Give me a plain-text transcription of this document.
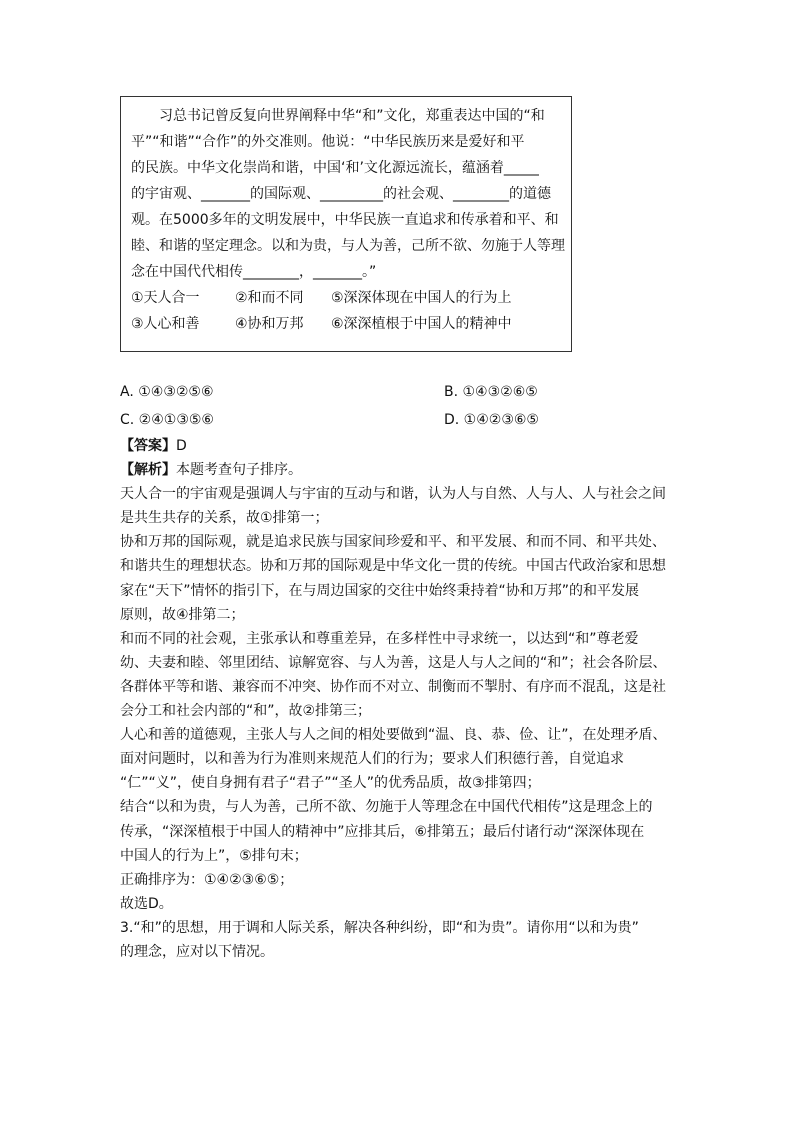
习总书记曾反复向世界阐释中华“和”文化，郑重表达中国的“和
平”“和谐”“合作”的外交准则。他说：“中华民族历来是爱好和平
的民族。中华文化崇尚和谐，中国‘和’文化源远流长，蕴涵着_____
的宇宙观、_______的国际观、_________的社会观、________的道德
观。在5000多年的文明发展中，中华民族一直追求和传承着和平、和
睦、和谐的坚定理念。以和为贵，与人为善，己所不欲、勿施于人等理
念在中国代代相传________，_______。”
①天人合一	②和而不同 ⑤深深体现在中国人的行为上
③人心和善	④协和万邦 ⑥深深植根于中国人的精神中
A. ①④③②⑤⑥	B. ①④③②⑥⑤
C. ②④①③⑤⑥	D. ①④②③⑥⑤
【答案】D
【解析】本题考查句子排序。
天人合一的宇宙观是强调人与宇宙的互动与和谐，认为人与自然、人与人、人与社会之间
是共生共存的关系，故①排第一；
协和万邦的国际观，就是追求民族与国家间珍爱和平、和平发展、和而不同、和平共处、
和谐共生的理想状态。协和万邦的国际观是中华文化一贯的传统。中国古代政治家和思想
家在“天下”情怀的指引下，在与周边国家的交往中始终秉持着“协和万邦”的和平发展
原则，故④排第二；
和而不同的社会观，主张承认和尊重差异，在多样性中寻求统一，以达到“和”尊老爱
幼、夫妻和睦、邻里团结、谅解宽容、与人为善，这是人与人之间的“和”；社会各阶层、
各群体平等和谐、兼容而不冲突、协作而不对立、制衡而不掣肘、有序而不混乱，这是社
会分工和社会内部的“和”，故②排第三；
人心和善的道德观，主张人与人之间的相处要做到“温、良、恭、俭、让”，在处理矛盾、
面对问题时，以和善为行为准则来规范人们的行为；要求人们积德行善，自觉追求
“仁”“义”，使自身拥有君子“君子”“圣人”的优秀品质，故③排第四；
结合“以和为贵，与人为善，己所不欲、勿施于人等理念在中国代代相传”这是理念上的
传承，“深深植根于中国人的精神中”应排其后，⑥排第五；最后付诸行动“深深体现在
中国人的行为上”，⑤排句末；
正确排序为：①④②③⑥⑤；
故选D。
3.“和”的思想，用于调和人际关系，解决各种纠纷，即“和为贵”。请你用“以和为贵”
的理念，应对以下情况。
